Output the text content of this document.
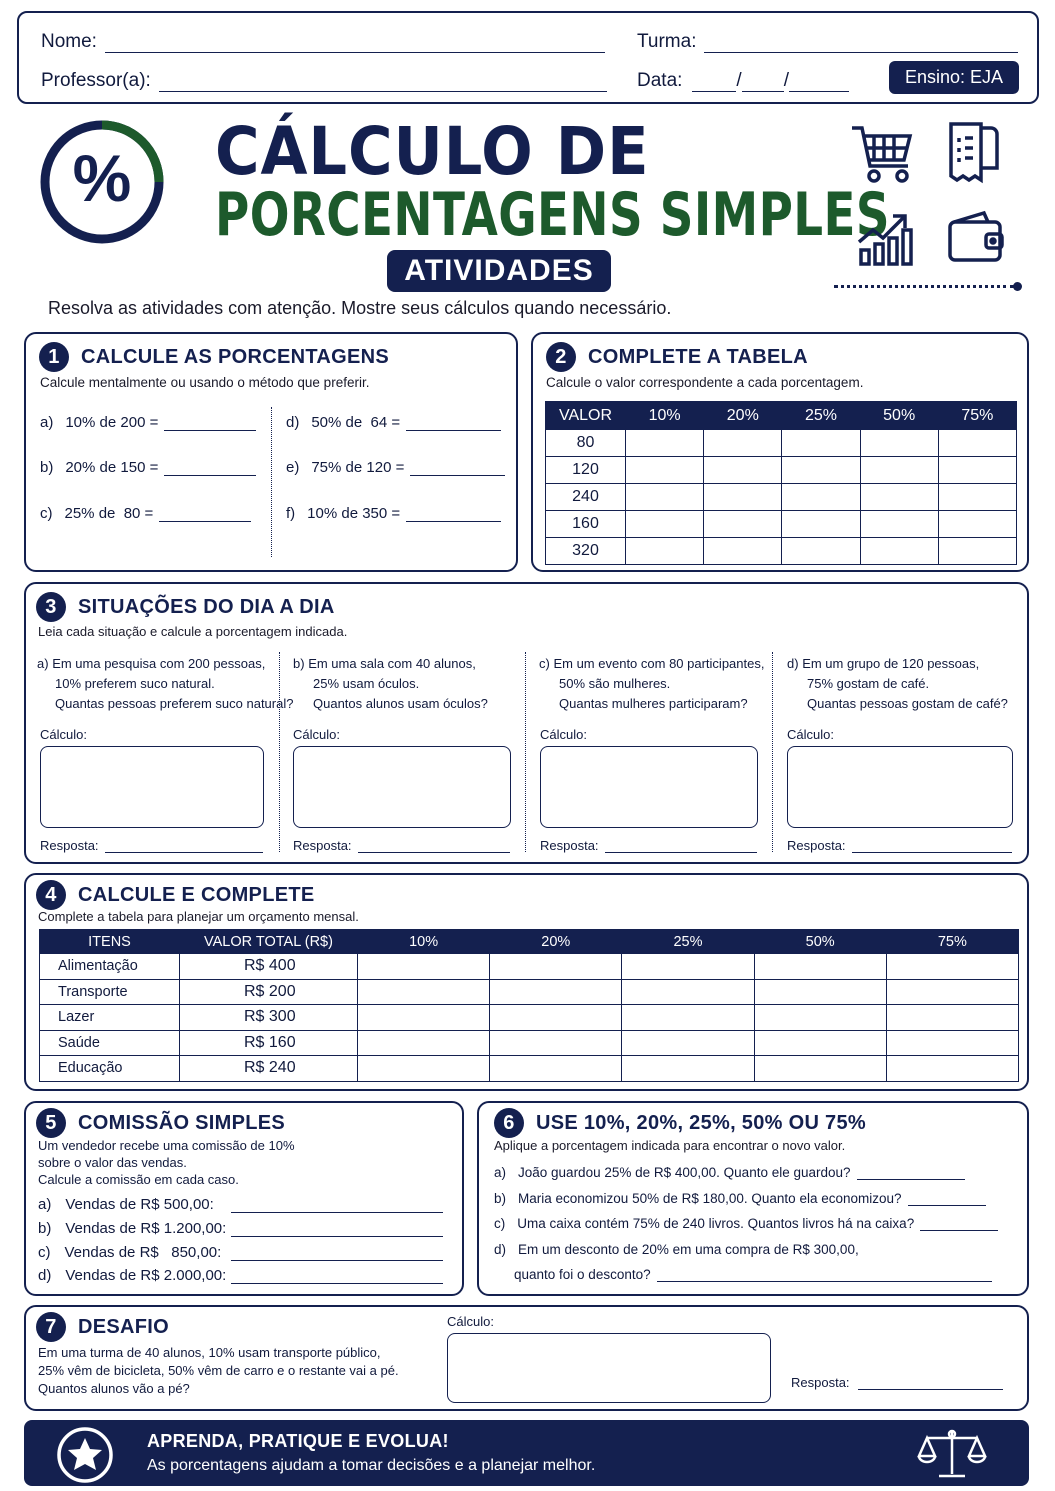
Nome:	Turma:
Professor(a):	Data:	/ /	Ensino: EJA
%	CÁLCULO DE
PORCENTAGENS SIMPLES
ATIVIDADES
Resolva as atividades com atenção. Mostre seus cálculos quando necessário.
1	CALCULE AS PORCENTAGENS
Calcule mentalmente ou usando o método que preferir.
a) 10% de 200 =
b) 20% de 150 =
c) 25% de  80 =
d) 50% de  64 =
e) 75% de 120 =
f) 10% de 350 =
2	COMPLETE A TABELA
Calcule o valor correspondente a cada porcentagem.
VALOR	10%	20%	25%	50%	75%
80					
120					
240					
160					
320					
3	SITUAÇÕES DO DIA A DIA
Leia cada situação e calcule a porcentagem indicada.
a) Em uma pesquisa com 200 pessoas,
10% preferem suco natural.
Quantas pessoas preferem suco natural?
Cálculo:
Resposta:
b) Em uma sala com 40 alunos,
25% usam óculos.
Quantos alunos usam óculos?
Cálculo:
Resposta:
c) Em um evento com 80 participantes,
50% são mulheres.
Quantas mulheres participaram?
Cálculo:
Resposta:
d) Em um grupo de 120 pessoas,
75% gostam de café.
Quantas pessoas gostam de café?
Cálculo:
Resposta:
4	CALCULE E COMPLETE
Complete a tabela para planejar um orçamento mensal.
ITENS	VALOR TOTAL (R$)	10%	20%	25%	50%	75%
Alimentação	R$ 400					
Transporte	R$ 200					
Lazer	R$ 300					
Saúde	R$ 160					
Educação	R$ 240					
5	COMISSÃO SIMPLES
Um vendedor recebe uma comissão de 10%
sobre o valor das vendas.
Calcule a comissão em cada caso.
a) Vendas de R$ 500,00:
b) Vendas de R$ 1.200,00:
c) Vendas de R$   850,00:
d) Vendas de R$ 2.000,00:
6	USE 10%, 20%, 25%, 50% OU 75%
Aplique a porcentagem indicada para encontrar o novo valor.
a) João guardou 25% de R$ 400,00. Quanto ele guardou?
b) Maria economizou 50% de R$ 180,00. Quanto ela economizou?
c) Uma caixa contém 75% de 240 livros. Quantos livros há na caixa?
d) Em um desconto de 20% em uma compra de R$ 300,00,
quanto foi o desconto?
7	DESAFIO
Em uma turma de 40 alunos, 10% usam transporte público,
25% vêm de bicicleta, 50% vêm de carro e o restante vai a pé.
Quantos alunos vão a pé?
Cálculo:
Resposta:
APRENDA, PRATIQUE E EVOLUA!
As porcentagens ajudam a tomar decisões e a planejar melhor.
